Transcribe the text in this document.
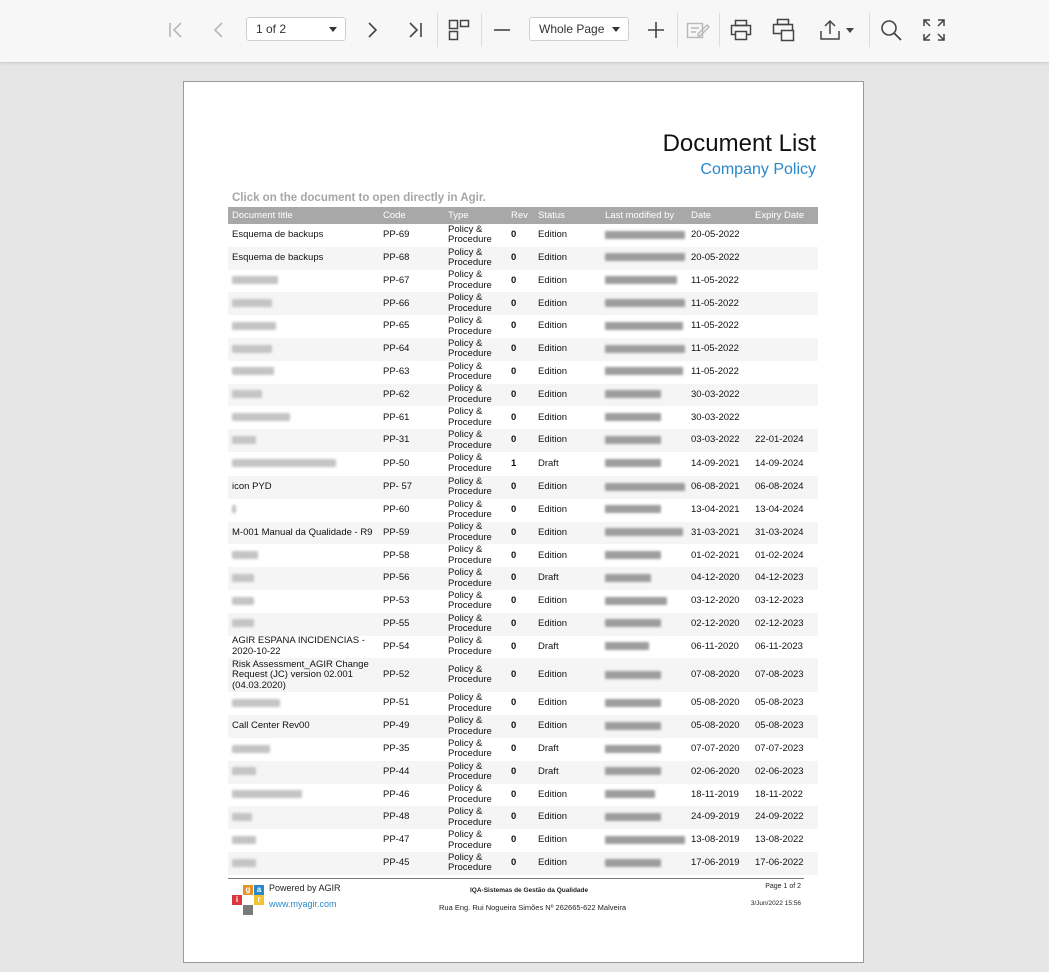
1 of 2	Whole Page
Document List
Company Policy
Click on the document to open directly in Agir.
Document title	Code	Type	Rev	Status	Last modified by	Date	Expiry Date
Esquema de backups	PP-69	Policy & Procedure	0	Edition		20-05-2022	
Esquema de backups	PP-68	Policy & Procedure	0	Edition		20-05-2022	
	PP-67	Policy & Procedure	0	Edition		11-05-2022	
	PP-66	Policy & Procedure	0	Edition		11-05-2022	
	PP-65	Policy & Procedure	0	Edition		11-05-2022	
	PP-64	Policy & Procedure	0	Edition		11-05-2022	
	PP-63	Policy & Procedure	0	Edition		11-05-2022	
	PP-62	Policy & Procedure	0	Edition		30-03-2022	
	PP-61	Policy & Procedure	0	Edition		30-03-2022	
	PP-31	Policy & Procedure	0	Edition		03-03-2022	22-01-2024
	PP-50	Policy & Procedure	1	Draft		14-09-2021	14-09-2024
icon PYD	PP- 57	Policy & Procedure	0	Edition		06-08-2021	06-08-2024
	PP-60	Policy & Procedure	0	Edition		13-04-2021	13-04-2024
M-001 Manual da Qualidade - R9	PP-59	Policy & Procedure	0	Edition		31-03-2021	31-03-2024
	PP-58	Policy & Procedure	0	Edition		01-02-2021	01-02-2024
	PP-56	Policy & Procedure	0	Draft		04-12-2020	04-12-2023
	PP-53	Policy & Procedure	0	Edition		03-12-2020	03-12-2023
	PP-55	Policy & Procedure	0	Edition		02-12-2020	02-12-2023
AGIR ESPAÑA INCIDENCIAS - 2020-10-22	PP-54	Policy & Procedure	0	Draft		06-11-2020	06-11-2023
Risk Assessment_AGIR Change Request (JC) version 02.001 (04.03.2020)	PP-52	Policy & Procedure	0	Edition		07-08-2020	07-08-2023
	PP-51	Policy & Procedure	0	Edition		05-08-2020	05-08-2023
Call Center Rev00	PP-49	Policy & Procedure	0	Edition		05-08-2020	05-08-2023
	PP-35	Policy & Procedure	0	Draft		07-07-2020	07-07-2023
	PP-44	Policy & Procedure	0	Draft		02-06-2020	02-06-2023
	PP-46	Policy & Procedure	0	Edition		18-11-2019	18-11-2022
	PP-48	Policy & Procedure	0	Edition		24-09-2019	24-09-2022
	PP-47	Policy & Procedure	0	Edition		13-08-2019	13-08-2022
	PP-45	Policy & Procedure	0	Edition		17-06-2019	17-06-2022
g a
i	r
Powered by AGIR
www.myagir.com
IQA-Sistemas de Gestão da Qualidade
Rua Eng. Rui Nogueira Simões Nº 262665-622 Malveira
Page 1 of 2
3/Jun/2022 15:56
